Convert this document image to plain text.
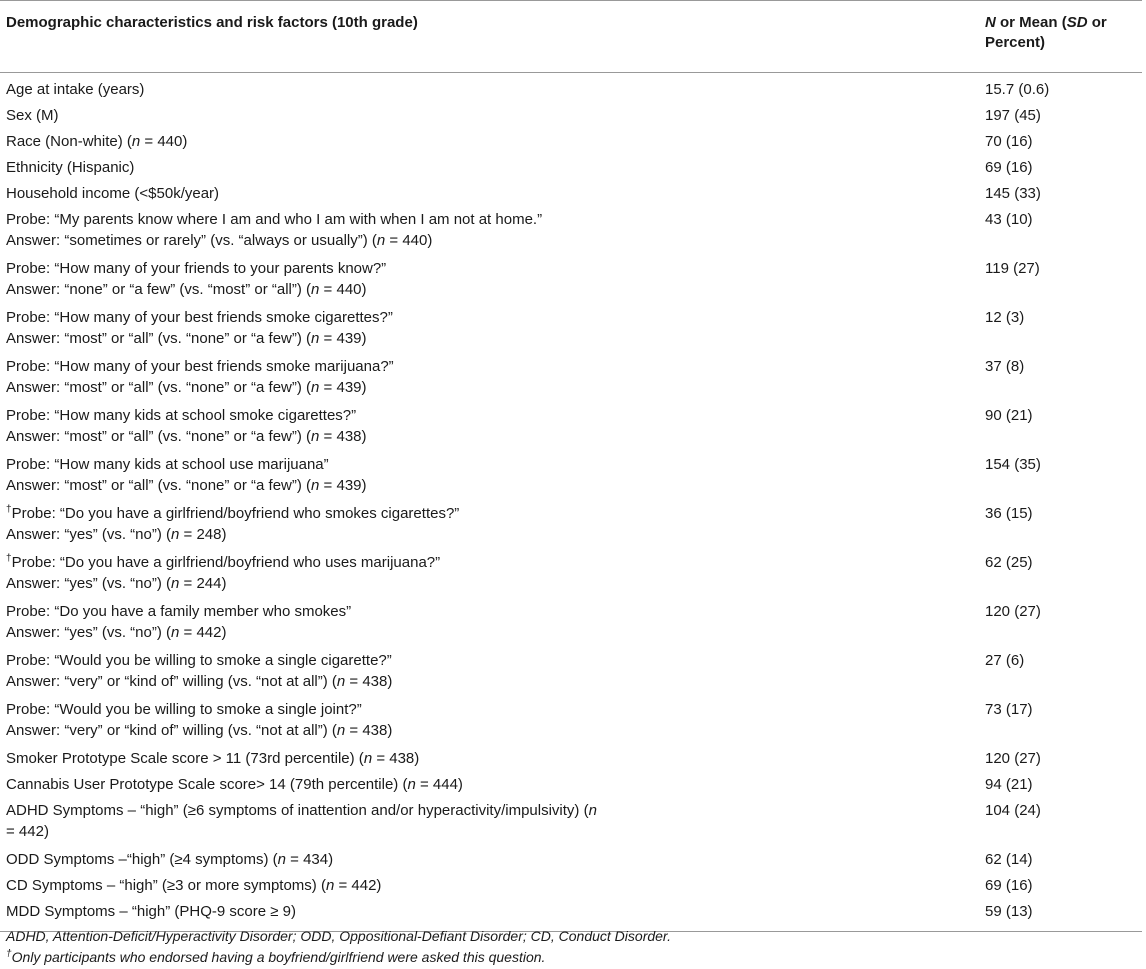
Demographic characteristics and risk factors (10th grade)	N or Mean (SD or
Percent)

Age at intake (years)	15.7 (0.6)
Sex (M)	197 (45)
Race (Non-white) (n = 440)	70 (16)
Ethnicity (Hispanic)	69 (16)
Household income (<$50k/year)	145 (33)

Probe: “My parents know where I am and who I am with when I am not at home.”
Answer: “sometimes or rarely” (vs. “always or usually”) (n = 440)	43 (10)

Probe: “How many of your friends to your parents know?”
Answer: “none” or “a few” (vs. “most” or “all”) (n = 440)	119 (27)

Probe: “How many of your best friends smoke cigarettes?”
Answer: “most” or “all” (vs. “none” or “a few”) (n = 439)	12 (3)

Probe: “How many of your best friends smoke marijuana?”
Answer: “most” or “all” (vs. “none” or “a few”) (n = 439)	37 (8)

Probe: “How many kids at school smoke cigarettes?”
Answer: “most” or “all” (vs. “none” or “a few”) (n = 438)	90 (21)

Probe: “How many kids at school use marijuana”
Answer: “most” or “all” (vs. “none” or “a few”) (n = 439)	154 (35)

†Probe: “Do you have a girlfriend/boyfriend who smokes cigarettes?”
Answer: “yes” (vs. “no”) (n = 248)	36 (15)

†Probe: “Do you have a girlfriend/boyfriend who uses marijuana?”
Answer: “yes” (vs. “no”) (n = 244)	62 (25)

Probe: “Do you have a family member who smokes”
Answer: “yes” (vs. “no”) (n = 442)	120 (27)

Probe: “Would you be willing to smoke a single cigarette?”
Answer: “very” or “kind of” willing (vs. “not at all”) (n = 438)	27 (6)

Probe: “Would you be willing to smoke a single joint?”
Answer: “very” or “kind of” willing (vs. “not at all”) (n = 438)	73 (17)
Smoker Prototype Scale score > 11 (73rd percentile) (n = 438)	120 (27)
Cannabis User Prototype Scale score> 14 (79th percentile) (n = 444)	94 (21)

ADHD Symptoms – “high” (≥6 symptoms of inattention and/or hyperactivity/impulsivity) (n
= 442)	104 (24)
ODD Symptoms –“high” (≥4 symptoms) (n = 434)	62 (14)
CD Symptoms – “high” (≥3 or more symptoms) (n = 442)	69 (16)
MDD Symptoms – “high” (PHQ-9 score ≥ 9)	59 (13)
ADHD, Attention-Deficit/Hyperactivity Disorder; ODD, Oppositional-Defiant Disorder; CD, Conduct Disorder.
†Only participants who endorsed having a boyfriend/girlfriend were asked this question.
